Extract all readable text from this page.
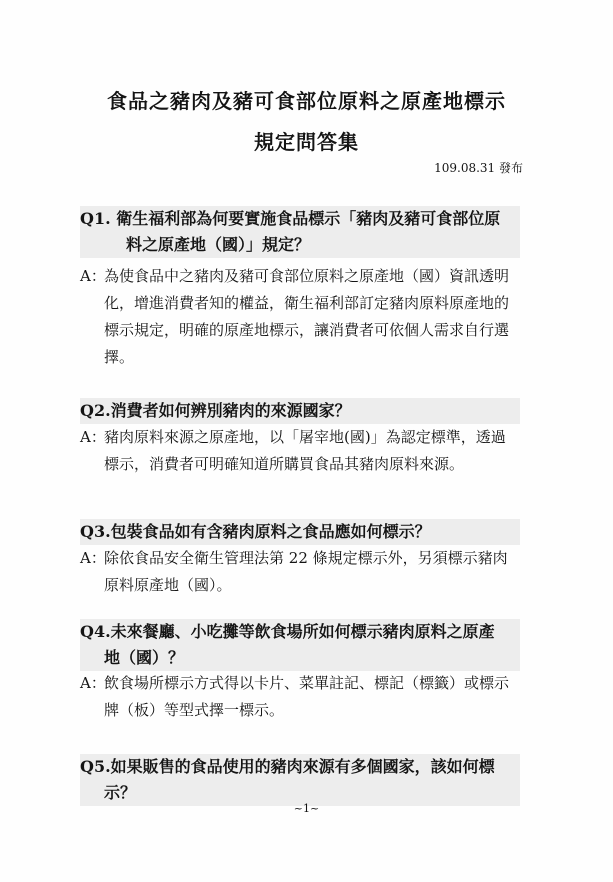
食品之豬肉及豬可食部位原料之原產地標示
規定問答集
109.08.31 發布
Q1. 衛生福利部為何要實施食品標示「豬肉及豬可食部位原
料之原產地（國）」規定？
A：
為使食品中之豬肉及豬可食部位原料之原產地（國）資訊透明化，增進消費者知的權益，衛生福利部訂定豬肉原料原產地的標示規定，明確的原產地標示，讓消費者可依個人需求自行選擇。
Q2.消費者如何辨別豬肉的來源國家？
A：
豬肉原料來源之原產地，以「屠宰地(國)」為認定標準，透過標示，消費者可明確知道所購買食品其豬肉原料來源。
Q3.包裝食品如有含豬肉原料之食品應如何標示？
A：
除依食品安全衛生管理法第 22 條規定標示外，另須標示豬肉原料原產地（國）。
Q4.未來餐廳、小吃攤等飲食場所如何標示豬肉原料之原產
地（國）？
A：
飲食場所標示方式得以卡片、菜單註記、標記（標籤）或標示牌（板）等型式擇一標示。
Q5.如果販售的食品使用的豬肉來源有多個國家，該如何標
示？
~1~
